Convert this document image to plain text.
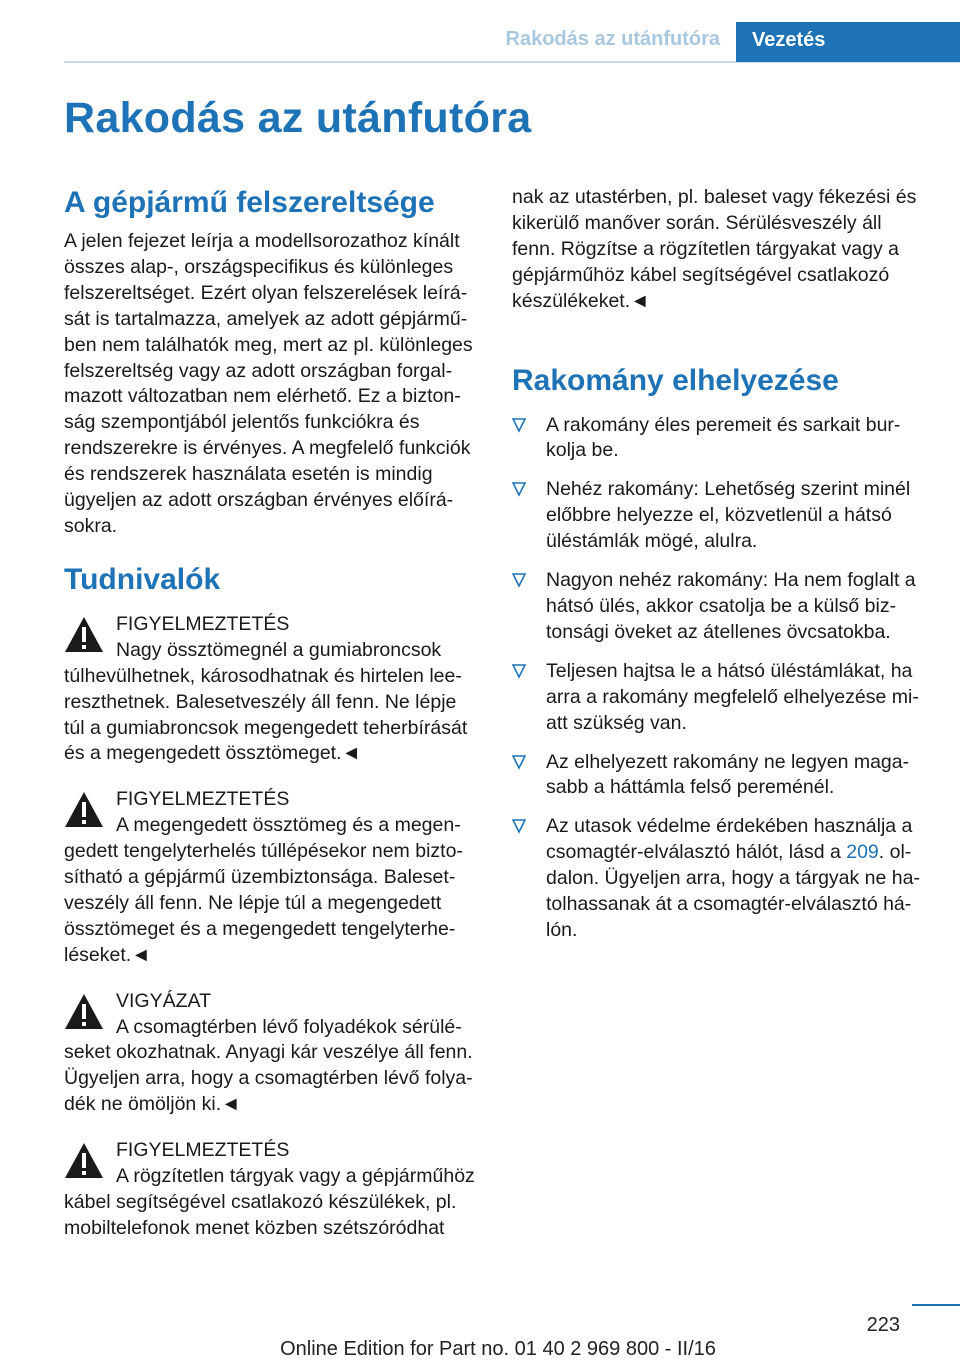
Rakodás az utánfutóra	Vezetés
Rakodás az utánfutóra
A gépjármű felszereltsége

A jelen fejezet leírja a modellsorozathoz kínált összes alap-, országspecifikus és különleges felszereltséget. Ezért olyan felszerelések leírását is tartalmazza, amelyek az adott gépjárműben nem találhatók meg, mert az pl. különleges felszereltség vagy az adott országban forgalmazott változatban nem elérhető. Ez a biztonság szempontjából jelentős funkciókra és rendszerekre is érvényes. A megfelelő funkciók és rendszerek használata esetén is mindig ügyeljen az adott országban érvényes előírásokra.

Tudnivalók
FIGYELMEZTETÉS
Nagy össztömegnél a gumiabroncsok túlhevülhetnek, károsodhatnak és hirtelen leereszthetnek. Balesetveszély áll fenn. Ne lépje túl a gumiabroncsok megengedett teherbírását és a megengedett össztömeget.◄
FIGYELMEZTETÉS
A megengedett össztömeg és a megengedett tengelyterhelés túllépésekor nem biztosítható a gépjármű üzembiztonsága. Balesetveszély áll fenn. Ne lépje túl a megengedett össztömeget és a megengedett tengelyterheléseket.◄
VIGYÁZAT
A csomagtérben lévő folyadékok sérüléseket okozhatnak. Anyagi kár veszélye áll fenn. Ügyeljen arra, hogy a csomagtérben lévő folyadék ne ömöljön ki.◄
FIGYELMEZTETÉS
A rögzítetlen tárgyak vagy a gépjárműhöz kábel segítségével csatlakozó készülékek, pl. mobiltelefonok menet közben szétszóródhat

nak az utastérben, pl. baleset vagy fékezési és kikerülő manőver során. Sérülésveszély áll fenn. Rögzítse a rögzítetlen tárgyakat vagy a gépjárműhöz kábel segítségével csatlakozó készülékeket.◄

Rakomány elhelyezése
A rakomány éles peremeit és sarkait burkolja be.
Nehéz rakomány: Lehetőség szerint minél előbbre helyezze el, közvetlenül a hátsó üléstámlák mögé, alulra.
Nagyon nehéz rakomány: Ha nem foglalt a hátsó ülés, akkor csatolja be a külső biztonsági öveket az átellenes övcsatokba.
Teljesen hajtsa le a hátsó üléstámlákat, ha arra a rakomány megfelelő elhelyezése miatt szükség van.
Az elhelyezett rakomány ne legyen magasabb a háttámla felső pereménél.
Az utasok védelme érdekében használja a csomagtér-elválasztó hálót, lásd a 209. oldalon. Ügyeljen arra, hogy a tárgyak ne hatolhassanak át a csomagtér-elválasztó hálón.
223
Online Edition for Part no. 01 40 2 969 800 - II/16
